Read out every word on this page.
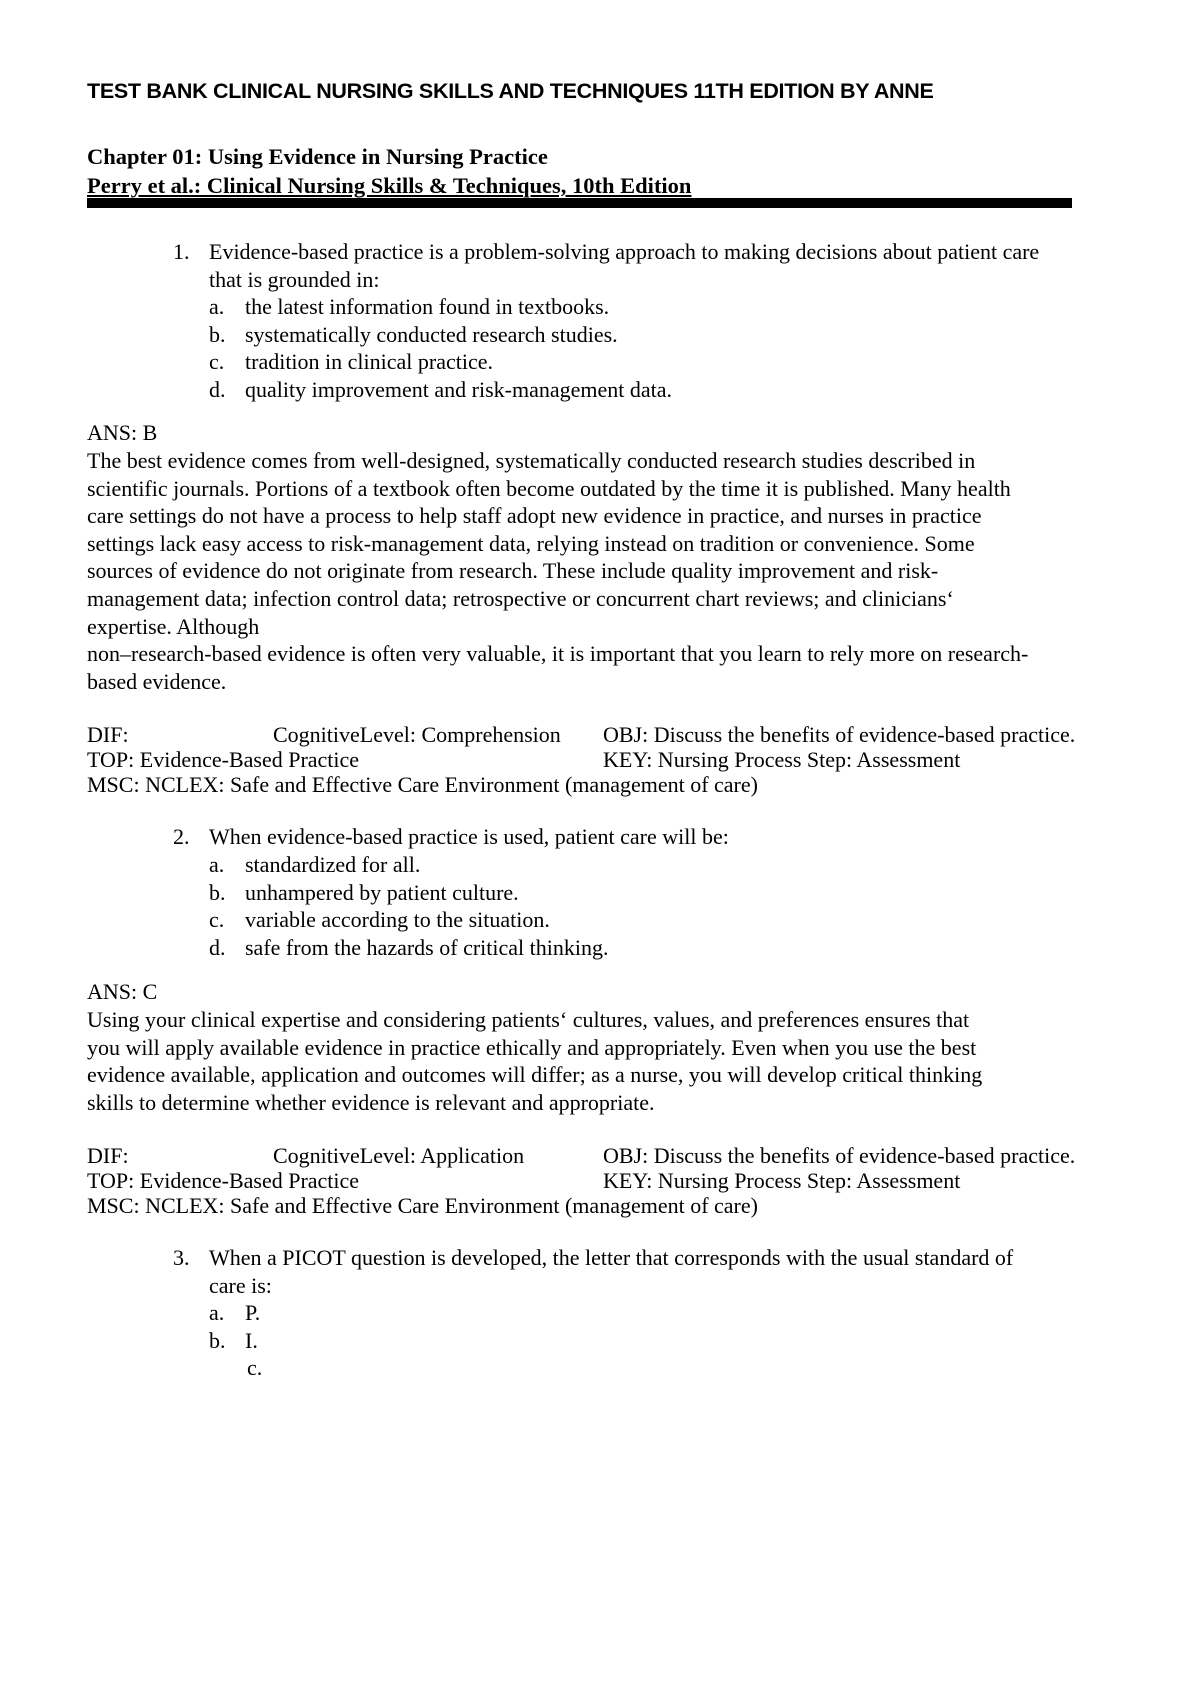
TEST BANK CLINICAL NURSING SKILLS AND TECHNIQUES 11TH EDITION BY ANNE
Chapter 01: Using Evidence in Nursing Practice
Perry et al.: Clinical Nursing Skills & Techniques, 10th Edition
1. Evidence-based practice is a problem-solving approach to making decisions about patient care
that is grounded in:
a. the latest information found in textbooks.
b. systematically conducted research studies.
c. tradition in clinical practice.
d. quality improvement and risk-management data.
ANS: B
The best evidence comes from well-designed, systematically conducted research studies described in
scientific journals. Portions of a textbook often become outdated by the time it is published. Many health
care settings do not have a process to help staff adopt new evidence in practice, and nurses in practice
settings lack easy access to risk-management data, relying instead on tradition or convenience. Some
sources of evidence do not originate from research. These include quality improvement and risk-
management data; infection control data; retrospective or concurrent chart reviews; and clinicians‘
expertise. Although
non–research-based evidence is often very valuable, it is important that you learn to rely more on research-
based evidence.
DIF:	CognitiveLevel: Comprehension OBJ: Discuss the benefits of evidence-based practice.
TOP: Evidence-Based Practice	KEY: Nursing Process Step: Assessment
MSC: NCLEX: Safe and Effective Care Environment (management of care)
2. When evidence-based practice is used, patient care will be:
a. standardized for all.
b. unhampered by patient culture.
c. variable according to the situation.
d. safe from the hazards of critical thinking.
ANS: C
Using your clinical expertise and considering patients‘ cultures, values, and preferences ensures that
you will apply available evidence in practice ethically and appropriately. Even when you use the best
evidence available, application and outcomes will differ; as a nurse, you will develop critical thinking
skills to determine whether evidence is relevant and appropriate.
DIF:	CognitiveLevel: Application	OBJ: Discuss the benefits of evidence-based practice.
TOP: Evidence-Based Practice	KEY: Nursing Process Step: Assessment
MSC: NCLEX: Safe and Effective Care Environment (management of care)
3. When a PICOT question is developed, the letter that corresponds with the usual standard of
care is:
a. P.
b. I.
c.
